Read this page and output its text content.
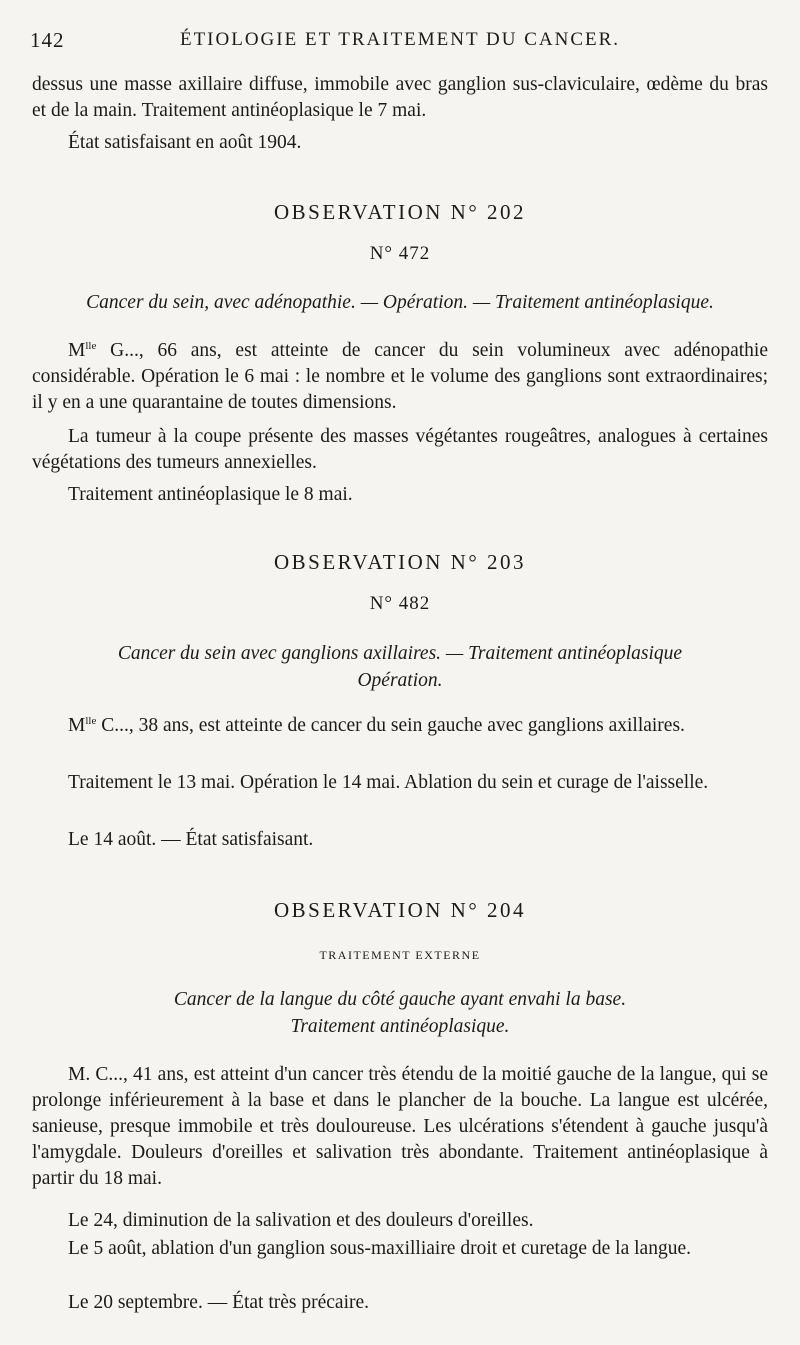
142	ÉTIOLOGIE ET TRAITEMENT DU CANCER.
dessus une masse axillaire diffuse, immobile avec ganglion sus-claviculaire, œdème du bras et de la main. Traitement antinéoplasique le 7 mai.
État satisfaisant en août 1904.
OBSERVATION N° 202
N° 472
Cancer du sein, avec adénopathie. — Opération. — Traitement antinéoplasique.
$M^{lle}$ G..., 66 ans, est atteinte de cancer du sein volumineux avec adénopathie considérable. Opération le 6 mai : le nombre et le volume des ganglions sont extraordinaires; il y en a une quarantaine de toutes dimensions.
La tumeur à la coupe présente des masses végétantes rougeâtres, analogues à certaines végétations des tumeurs annexielles.
Traitement antinéoplasique le 8 mai.
OBSERVATION N° 203
N° 482
Cancer du sein avec ganglions axillaires. — Traitement antinéoplasique
Opération.
$M^{lle}$ C..., 38 ans, est atteinte de cancer du sein gauche avec ganglions axillaires.
Traitement le 13 mai. Opération le 14 mai. Ablation du sein et curage de l'aisselle.
Le 14 août. — État satisfaisant.
OBSERVATION N° 204
TRAITEMENT EXTERNE
Cancer de la langue du côté gauche ayant envahi la base.
Traitement antinéoplasique.
M. C..., 41 ans, est atteint d'un cancer très étendu de la moitié gauche de la langue, qui se prolonge inférieurement à la base et dans le plancher de la bouche. La langue est ulcérée, sanieuse, presque immobile et très douloureuse. Les ulcérations s'étendent à gauche jusqu'à l'amygdale. Douleurs d'oreilles et salivation très abondante. Traitement antinéoplasique à partir du 18 mai.
Le 24, diminution de la salivation et des douleurs d'oreilles.
Le 5 août, ablation d'un ganglion sous-maxilliaire droit et curetage de la langue.
Le 20 septembre. — État très précaire.
